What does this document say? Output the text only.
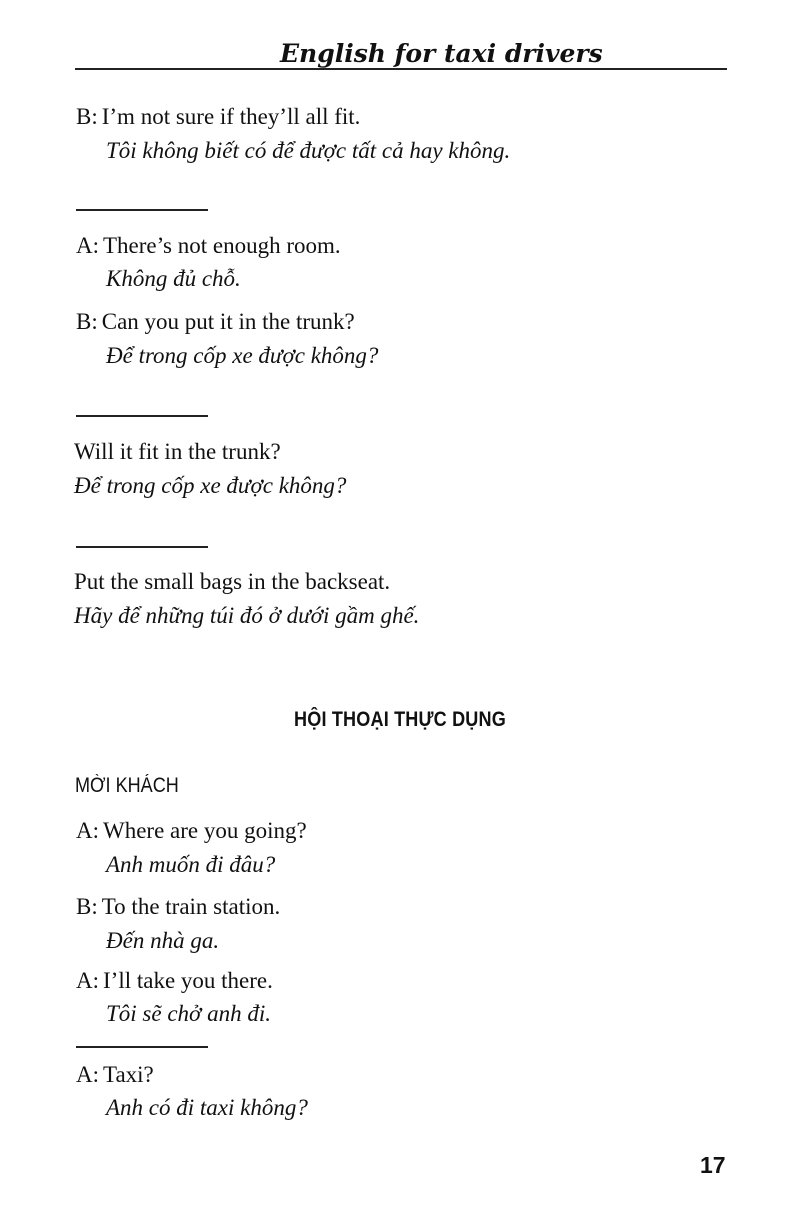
English for taxi drivers
B: I’m not sure if they’ll all fit.
Tôi không biết có để được tất cả hay không.
A: There’s not enough room.
Không đủ chỗ.
B: Can you put it in the trunk?
Để trong cốp xe được không?
Will it fit in the trunk?
Để trong cốp xe được không?
Put the small bags in the backseat.
Hãy để những túi đó ở dưới gầm ghế.
HỘI THOẠI THỰC DỤNG
MỜI KHÁCH
A: Where are you going?
Anh muốn đi đâu?
B: To the train station.
Đến nhà ga.
A: I’ll take you there.
Tôi sẽ chở anh đi.
A: Taxi?
Anh có đi taxi không?
17
